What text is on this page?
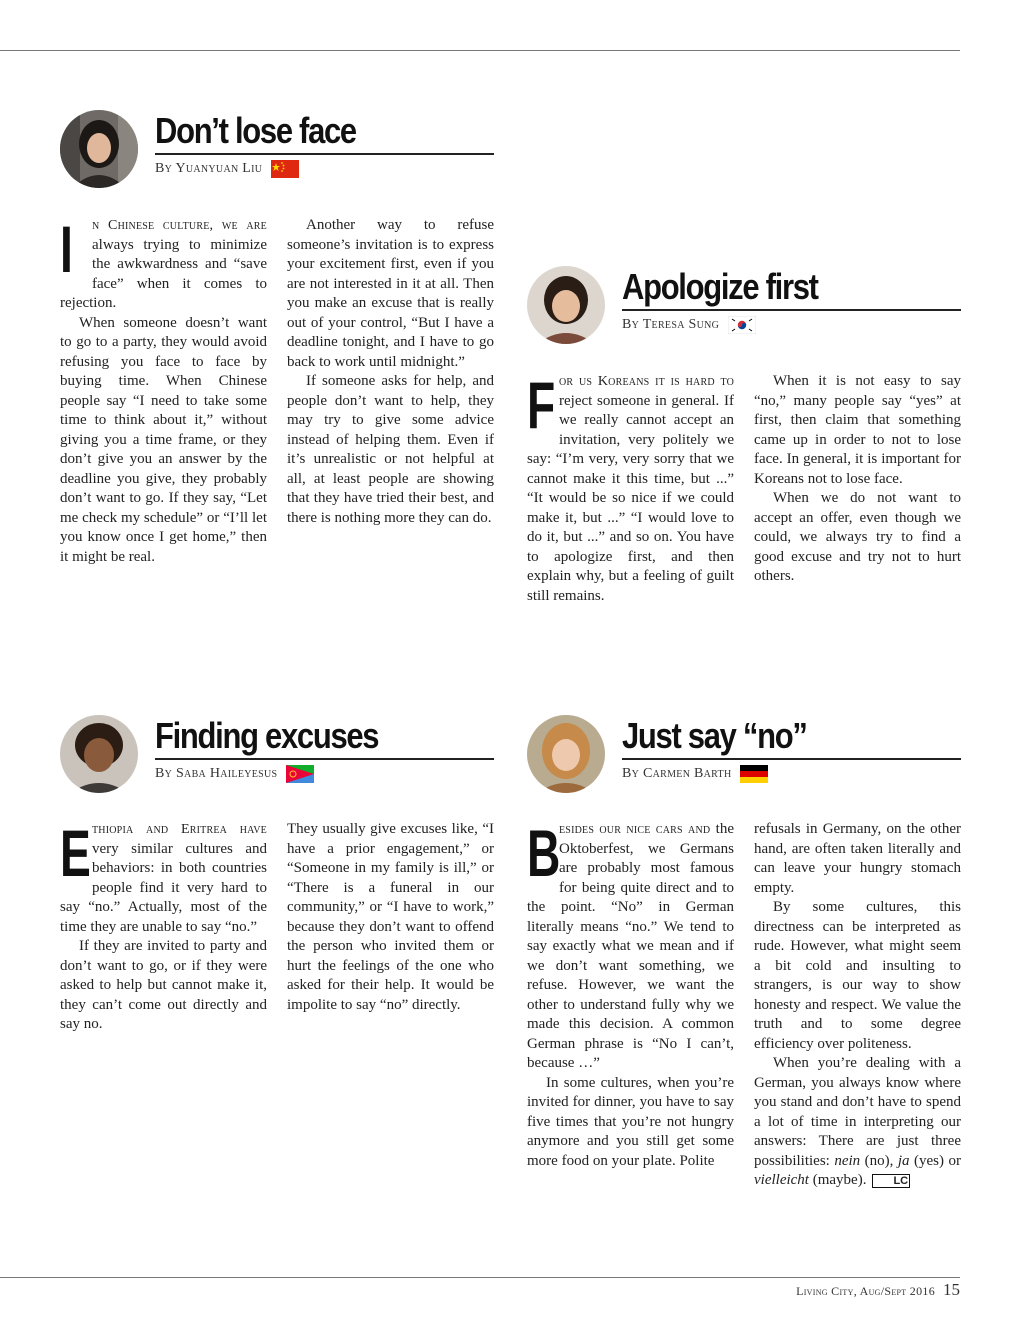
Don’t lose face
By Yuanyuan Liu

I	n Chinese culture, we are always trying to minimize the awkwardness and “save face” when it comes to rejection.

When someone doesn’t want to go to a party, they would avoid refusing you face to face by buying time. When Chinese people say “I need to take some time to think about it,” without giving you a time frame, or they don’t give you an answer by the deadline you give, they probably don’t want to go. If they say, “Let me check my schedule” or “I’ll let you know once I get home,” then it might be real.

Another way to refuse someone’s invitation is to express your excitement first, even if you are not interested in it at all. Then you make an excuse that is really out of your control, “But I have a deadline tonight, and I have to go back to work until midnight.”

If someone asks for help, and people don’t want to help, they may try to give some advice instead of helping them. Even if it’s unrealistic or not helpful at all, at least people are showing that they have tried their best, and there is nothing more they can do.

Apologize first
By Teresa Sung

For us Koreans it is hard to reject someone in general. If we really cannot accept an invitation, very politely we say: “I’m very, very sorry that we cannot make it this time, but ...” “It would be so nice if we could make it, but ...” “I would love to do it, but ...” and so on. You have to apologize first, and then explain why, but a feeling of guilt still remains.

When it is not easy to say “no,” many people say “yes” at first, then claim that something came up in order to not to lose face. In general, it is important for Koreans not to lose face.

When we do not want to accept an offer, even though we could, we always try to find a good excuse and try not to hurt others.

Finding excuses
By Saba Haileyesus

Ethiopia and Eritrea have very similar cultures and behaviors: in both countries people find it very hard to say “no.” Actually, most of the time they are unable to say “no.”

If they are invited to party and don’t want to go, or if they were asked to help but cannot make it, they can’t come out directly and say no.

They usually give excuses like, “I have a prior engagement,” or “Someone in my family is ill,” or “There is a funeral in our community,” or “I have to work,” because they don’t want to offend the person who invited them or hurt the feelings of the one who asked for their help. It would be impolite to say “no” directly.

Just say “no”
By Carmen Barth

B
esides our nice cars and the Oktoberfest, we Germans are probably most famous for being quite direct and to the point. “No” in German literally means “no.” We tend to say exactly what we mean and if we don’t want something, we refuse. However, we want the other to understand fully why we made this decision. A common German phrase is “No I can’t, because …”

In some cultures, when you’re invited for dinner, you have to say five times that you’re not hungry anymore and you still get some more food on your plate. Polite

refusals in Germany, on the other hand, are often taken literally and can leave your hungry stomach empty.

By some cultures, this directness can be interpreted as rude. However, what might seem a bit cold and insulting to strangers, is our way to show honesty and respect. We value the truth and to some degree efficiency over politeness.

When you’re dealing with a German, you always know where you stand and don’t have to spend a lot of time in interpreting our answers: There are just three possibilities: nein (no), ja (yes) or vielleicht (maybe). LC

Living City, Aug/Sept 2016 15
